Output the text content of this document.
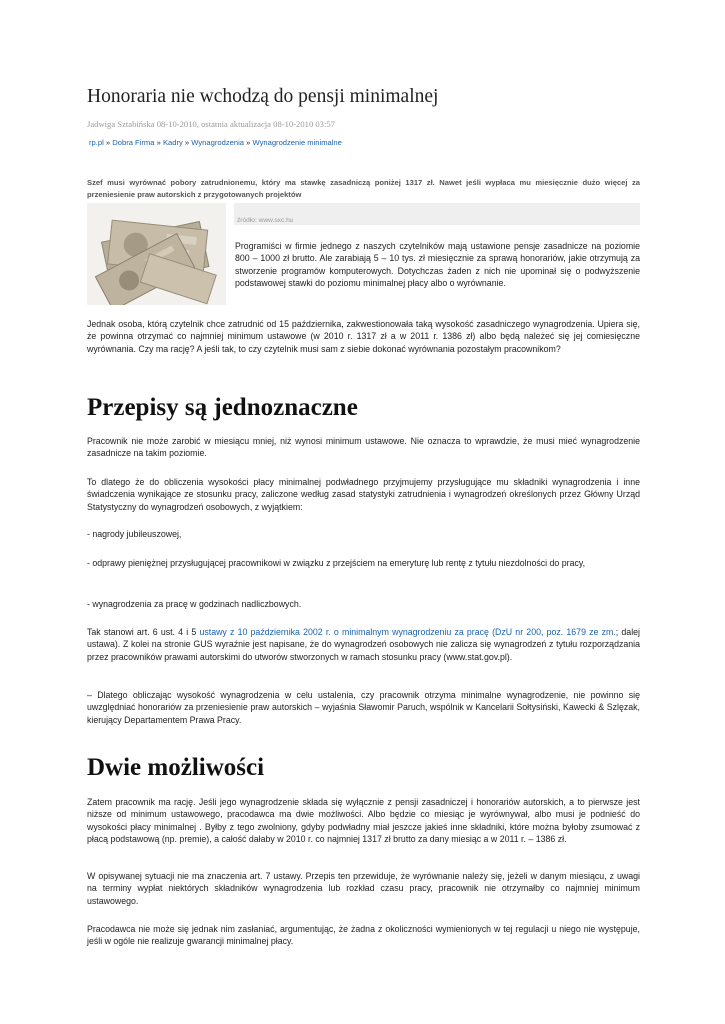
Honoraria nie wchodzą do pensji minimalnej
Jadwiga Sztabińska 08-10-2010, ostatnia aktualizacja 08-10-2010 03:57
rp.pl » Dobra Firma » Kadry » Wynagrodzenia » Wynagrodzenie minimalne

Szef musi wyrównać pobory zatrudnionemu, który ma stawkę zasadniczą poniżej 1317 zł. Nawet jeśli wypłaca mu miesięcznie dużo więcej za przeniesienie praw autorskich z przygotowanych projektów

źródło: www.sxc.hu

Programiści w firmie jednego z naszych czytelników mają ustawione pensje zasadnicze na poziomie 800 – 1000 zł brutto. Ale zarabiają 5 – 10 tys. zł miesięcznie za sprawą honorariów, jakie otrzymują za stworzenie programów komputerowych. Dotychczas żaden z nich nie upominał się o podwyższenie podstawowej stawki do poziomu minimalnej płacy albo o wyrównanie.

Jednak osoba, którą czytelnik chce zatrudnić od 15 października, zakwestionowała taką wysokość zasadniczego wynagrodzenia. Upiera się, że powinna otrzymać co najmniej minimum ustawowe (w 2010 r. 1317 zł a w 2011 r. 1386 zł) albo będą należeć się jej comiesięczne wyrównania. Czy ma rację? A jeśli tak, to czy czytelnik musi sam z siebie dokonać wyrównania pozostałym pracownikom?

Przepisy są jednoznaczne

Pracownik nie może zarobić w miesiącu mniej, niż wynosi minimum ustawowe. Nie oznacza to wprawdzie, że musi mieć wynagrodzenie zasadnicze na takim poziomie.

To dlatego że do obliczenia wysokości płacy minimalnej podwładnego przyjmujemy przysługujące mu składniki wynagrodzenia i inne świadczenia wynikające ze stosunku pracy, zaliczone według zasad statystyki zatrudnienia i wynagrodzeń określonych przez Główny Urząd Statystyczny do wynagrodzeń osobowych, z wyjątkiem:

- nagrody jubileuszowej,

- odprawy pieniężnej przysługującej pracownikowi w związku z przejściem na emeryturę lub rentę z tytułu niezdolności do pracy,

- wynagrodzenia za pracę w godzinach nadliczbowych.

Tak stanowi art. 6 ust. 4 i 5 ustawy z 10 października 2002 r. o minimalnym wynagrodzeniu za pracę (DzU nr 200, poz. 1679 ze zm.; dalej ustawa). Z kolei na stronie GUS wyraźnie jest napisane, że do wynagrodzeń osobowych nie zalicza się wynagrodzeń z tytułu rozporządzania przez pracowników prawami autorskimi do utworów stworzonych w ramach stosunku pracy (www.stat.gov.pl).

– Dlatego obliczając wysokość wynagrodzenia w celu ustalenia, czy pracownik otrzyma minimalne wynagrodzenie, nie powinno się uwzględniać honorariów za przeniesienie praw autorskich – wyjaśnia Sławomir Paruch, wspólnik w Kancelarii Sołtysiński, Kawecki & Szlęzak, kierujący Departamentem Prawa Pracy.

Dwie możliwości

Zatem pracownik ma rację. Jeśli jego wynagrodzenie składa się wyłącznie z pensji zasadniczej i honorariów autorskich, a to pierwsze jest niższe od minimum ustawowego, pracodawca ma dwie możliwości. Albo będzie co miesiąc je wyrównywał, albo musi je podnieść do wysokości płacy minimalnej . Byłby z tego zwolniony, gdyby podwładny miał jeszcze jakieś inne składniki, które można byłoby zsumować z płacą podstawową (np. premie), a całość dałaby w 2010 r. co najmniej 1317 zł brutto za dany miesiąc a w 2011 r. – 1386 zł.

W opisywanej sytuacji nie ma znaczenia art. 7 ustawy. Przepis ten przewiduje, że wyrównanie należy się, jeżeli w danym miesiącu, z uwagi na terminy wypłat niektórych składników wynagrodzenia lub rozkład czasu pracy, pracownik nie otrzymałby co najmniej minimum ustawowego.

Pracodawca nie może się jednak nim zasłaniać, argumentując, że żadna z okoliczności wymienionych w tej regulacji u niego nie występuje, jeśli w ogóle nie realizuje gwarancji minimalnej płacy.
